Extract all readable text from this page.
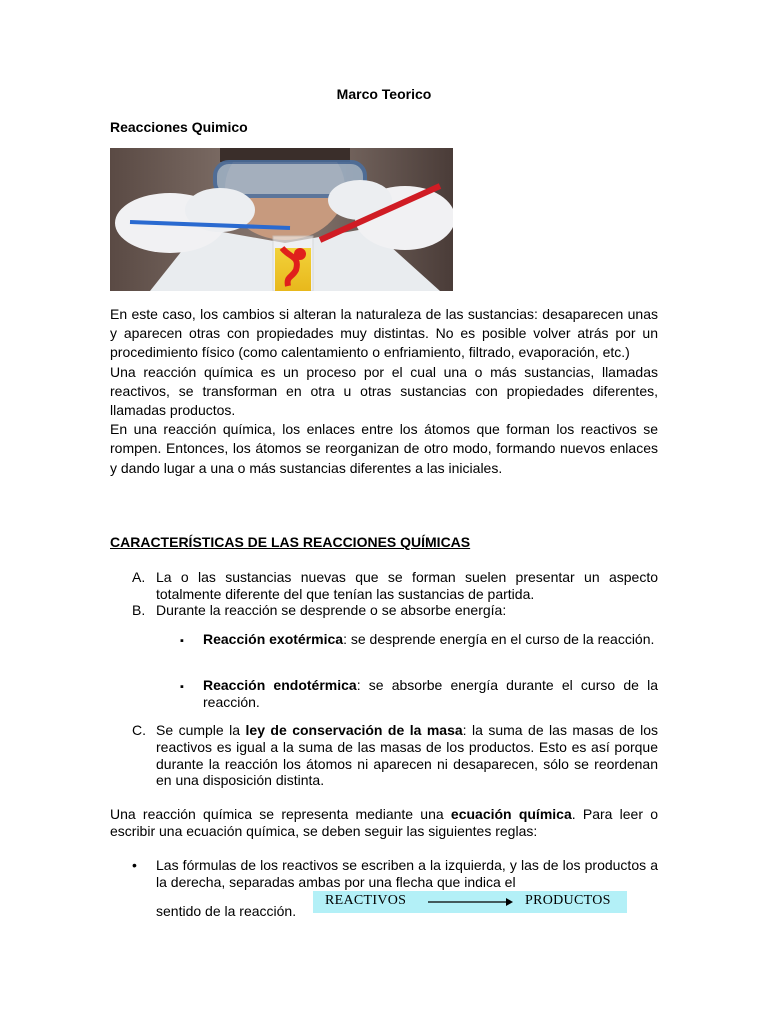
Marco Teorico
Reacciones Quimico
En este caso, los cambios si alteran la naturaleza de las sustancias: desaparecen unas y aparecen otras con propiedades muy distintas. No es posible volver atrás por un procedimiento físico (como calentamiento o enfriamiento, filtrado, evaporación, etc.)
Una reacción química es un proceso por el cual una o más sustancias, llamadas reactivos, se transforman en otra u otras sustancias con propiedades diferentes, llamadas productos.
En una reacción química, los enlaces entre los átomos que forman los reactivos se rompen. Entonces, los átomos se reorganizan de otro modo, formando nuevos enlaces y dando lugar a una o más sustancias diferentes a las iniciales.
CARACTERÍSTICAS DE LAS REACCIONES QUÍMICAS
A. La o las sustancias nuevas que se forman suelen presentar un aspecto totalmente diferente del que tenían las sustancias de partida.
B. Durante la reacción se desprende o se absorbe energía:
▪ Reacción exotérmica: se desprende energía en el curso de la reacción.
▪ Reacción endotérmica: se absorbe energía durante el curso de la reacción.
C. Se cumple la ley de conservación de la masa: la suma de las masas de los reactivos es igual a la suma de las masas de los productos. Esto es así porque durante la reacción los átomos ni aparecen ni desaparecen, sólo se reordenan en una disposición distinta.
Una reacción química se representa mediante una ecuación química. Para leer o escribir una ecuación química, se deben seguir las siguientes reglas:
• Las fórmulas de los reactivos se escriben a la izquierda, y las de los productos a la derecha, separadas ambas por una flecha que indica el
sentido de la reacción.
REACTIVOS	PRODUCTOS
